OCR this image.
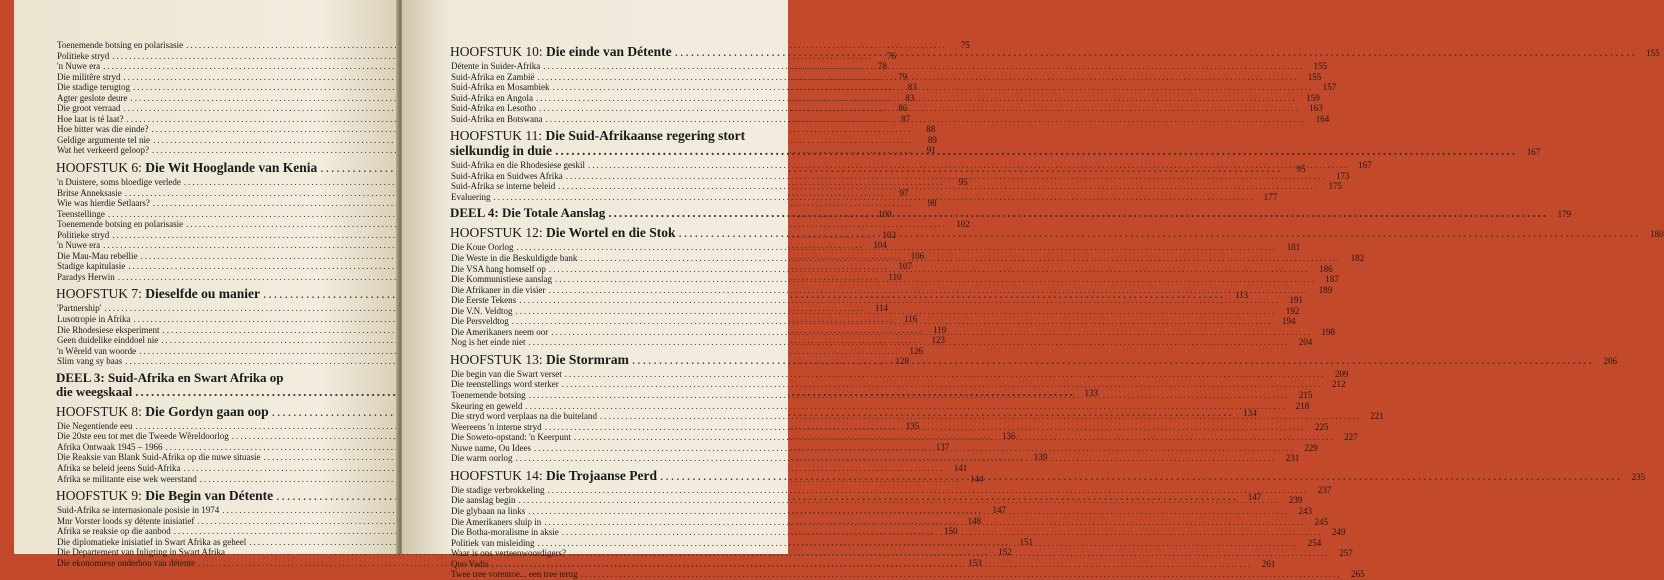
Toenemende botsing en polarisasie .....	75
Politieke stryd .....	76
'n Nuwe era .....	78
Die militêre stryd .....	79
Die stadige terugtog .....	83
Agter geslote deure .....	83
Die groot verraad .....	86
Hoe laat is té laat? .....	87
Hoe bitter was die einde? .....	88
Geldige argumente tel nie .....	89
Wat het verkeerd geloop? .....	91
HOOFSTUK 6: Die Wit Hooglande van Kenia .....	95
'n Duisterе, soms bloedige verlede .....	95
Britse Anneksasie .....	97
Wie was hierdie Setlaars? .....	98
Teenstellinge .....	100
Toenemende botsing en polarisasie .....	102
Politieke stryd .....	102
'n Nuwe era .....	104
Die Mau-Mau rebellie .....	106
Stadige kapitulasie .....	107
Paradys Herwin .....	110
HOOFSTUK 7: Dieselfde ou manier .....	113
'Partnership' .....	114
Lusotropie in Afrika .....	116
Die Rhodesiese eksperiment .....	119
Geen duidelike einddoel nie .....	123
'n Wêreld van woorde .....	126
Slim vang sy baas .....	128
DEEL 3: Suid-Afrika en Swart Afrika op
die weegskaal .....	133
HOOFSTUK 8: Die Gordyn gaan oop .....	134
Die Negentiende eeu .....	135
Die 20ste eeu tot met die Tweede Wêreldoorlog .....	136
Afrika Ontwaak 1945 – 1966 .....	137
Die Reaksie van Blank Suid-Afrika op die nuwe situasie .....	139
Afrika se beleid jeens Suid-Afrika .....	141
Afrika se militante eise wek weerstand .....	144
HOOFSTUK 9: Die Begin van Détente .....	147
Suid-Afrika se internasionale posisie in 1974 .....	147
Mnr Vorster loods sy détente inisiatief .....	148
Afrika se reaksie op die aanbod .....	150
Die diplomatieke inisiatief in Swart Afrika as geheel .....	151
Die Departement van Inligting in Swart Afrika .....	152
Die ekonomiese onderbou van détente .....	153
HOOFSTUK 10: Die einde van Détente .....	155
Détente in Suider-Afrika .....	155
Suid-Afrika en Zambië .....	155
Suid-Afrika en Mosambiek .....	157
Suid-Afrika en Angola .....	159
Suid-Afrika en Lesotho .....	163
Suid-Afrika en Botswana .....	164
HOOFSTUK 11: Die Suid-Afrikaanse regering stort
sielkundig in duie .....	167
Suid-Afrika en die Rhodesiese geskil .....	167
Suid-Afrika en Suidwes Afrika .....	173
Suid-Afrika se interne beleid .....	175
Evaluering .....	177
DEEL 4: Die Totale Aanslag .....	179
HOOFSTUK 12: Die Wortel en die Stok .....	180
Die Koue Oorlog .....	181
Die Weste in die Beskuldigde bank .....	182
Die VSA hang homself op .....	186
Die Kommunistiese aanslag .....	187
Die Afrikaner in die visier .....	189
Die Eerste Tekens .....	191
Die V.N. Veldtog .....	192
Die Persveldtog .....	194
Die Amerikaners neem oor .....	198
Nog is het einde niet .....	204
HOOFSTUK 13: Die Stormram .....	206
Die begin van die Swart verset .....	209
Die teenstellings word sterker .....	212
Toenemende botsing .....	215
Skeuring en geweld .....	218
Die stryd word verplaas na die buiteland .....	221
Weereens 'n interne stryd .....	225
Die Soweto-opstand: 'n Keerpunt .....	227
Nuwe name, Ou Idees .....	229
Die warm oorlog .....	231
HOOFSTUK 14: Die Trojaanse Perd .....	235
Die stadige verbrokkeling .....	237
Die aanslag begin .....	239
Die glybaan na links .....	243
Die Amerikaners sluip in .....	245
Die Botha-moralisme in aksie .....	249
Politiek van misleiding .....	254
Waar is ons verteenwoordigers? .....	257
Quo Vadis .....	261
Twee tree vorentoe... een tree terug .....	265
